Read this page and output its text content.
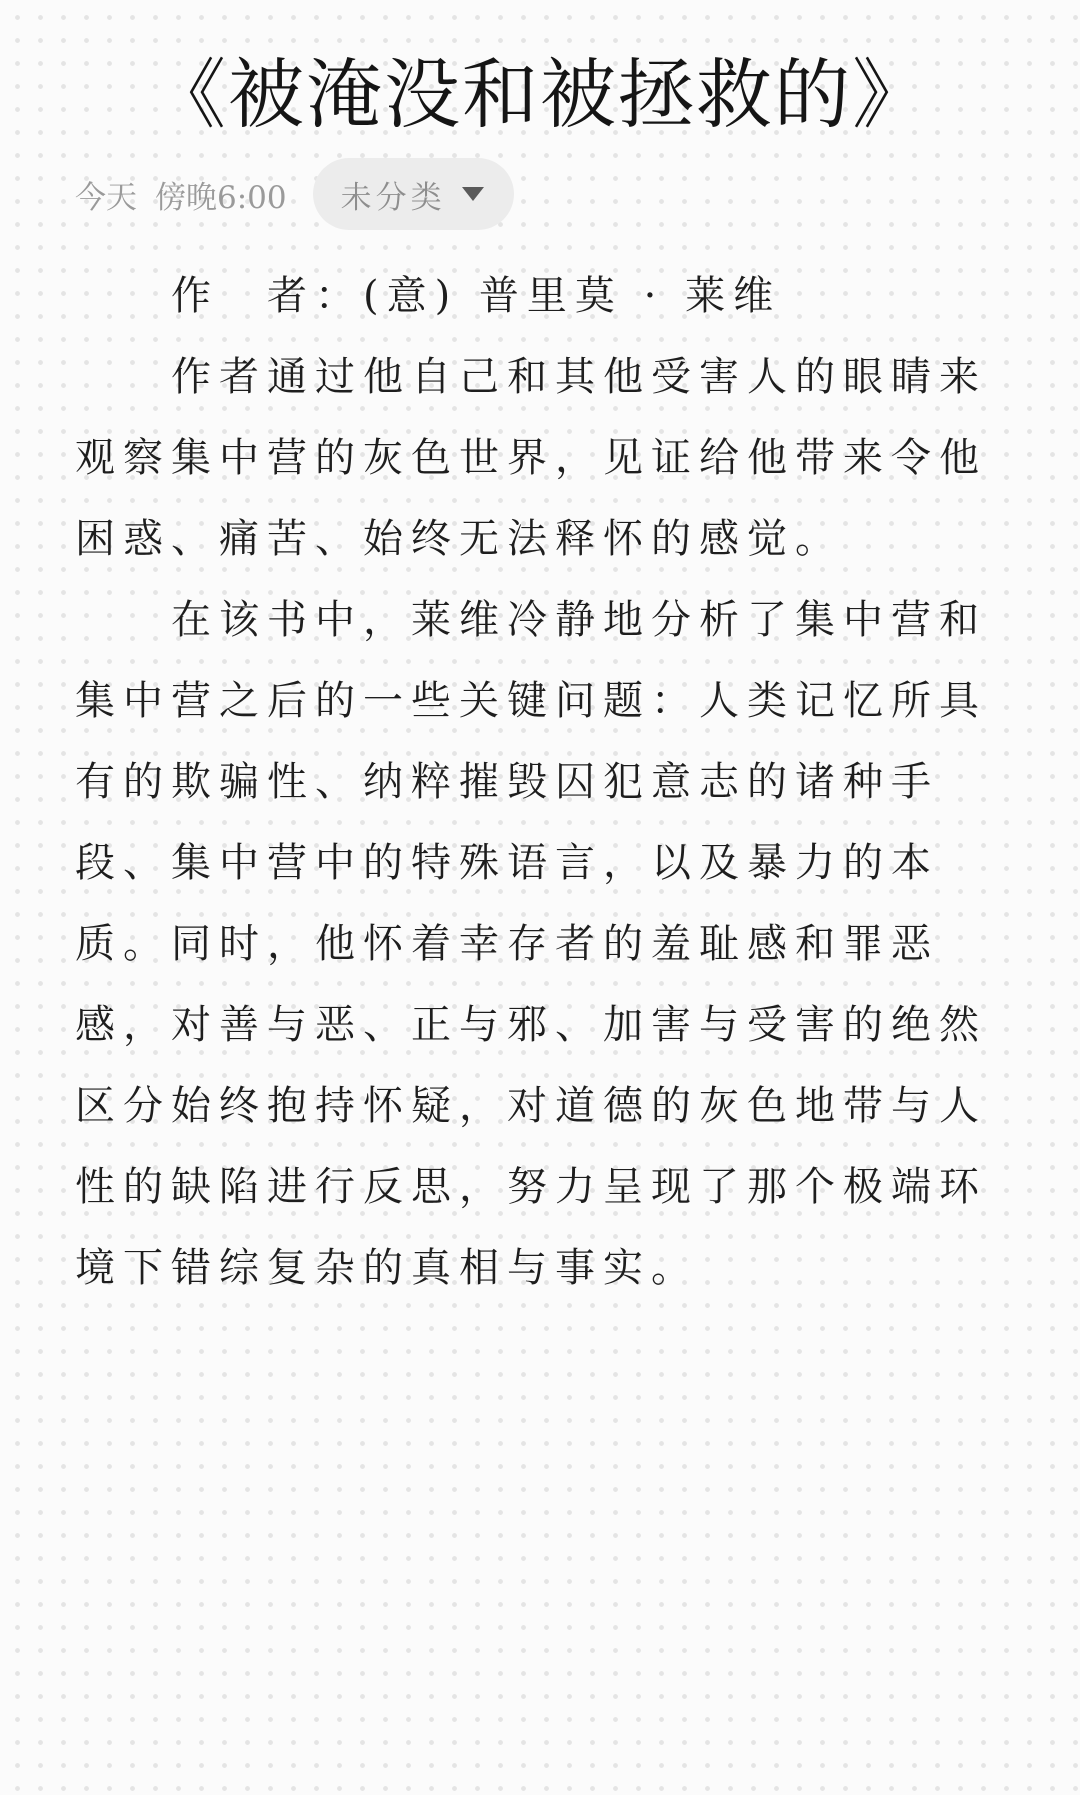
《被淹没和被拯救的》
今天 傍晚6:00 未分类

作　者：(意) 普里莫 · 莱维

作者通过他自己和其他受害人的眼睛来观察集中营的灰色世界，见证给他带来令他困惑、痛苦、始终无法释怀的感觉。

在该书中，莱维冷静地分析了集中营和集中营之后的一些关键问题：人类记忆所具有的欺骗性、纳粹摧毁囚犯意志的诸种手段、集中营中的特殊语言，以及暴力的本质。同时，他怀着幸存者的羞耻感和罪恶感，对善与恶、正与邪、加害与受害的绝然区分始终抱持怀疑，对道德的灰色地带与人性的缺陷进行反思，努力呈现了那个极端环境下错综复杂的真相与事实。
